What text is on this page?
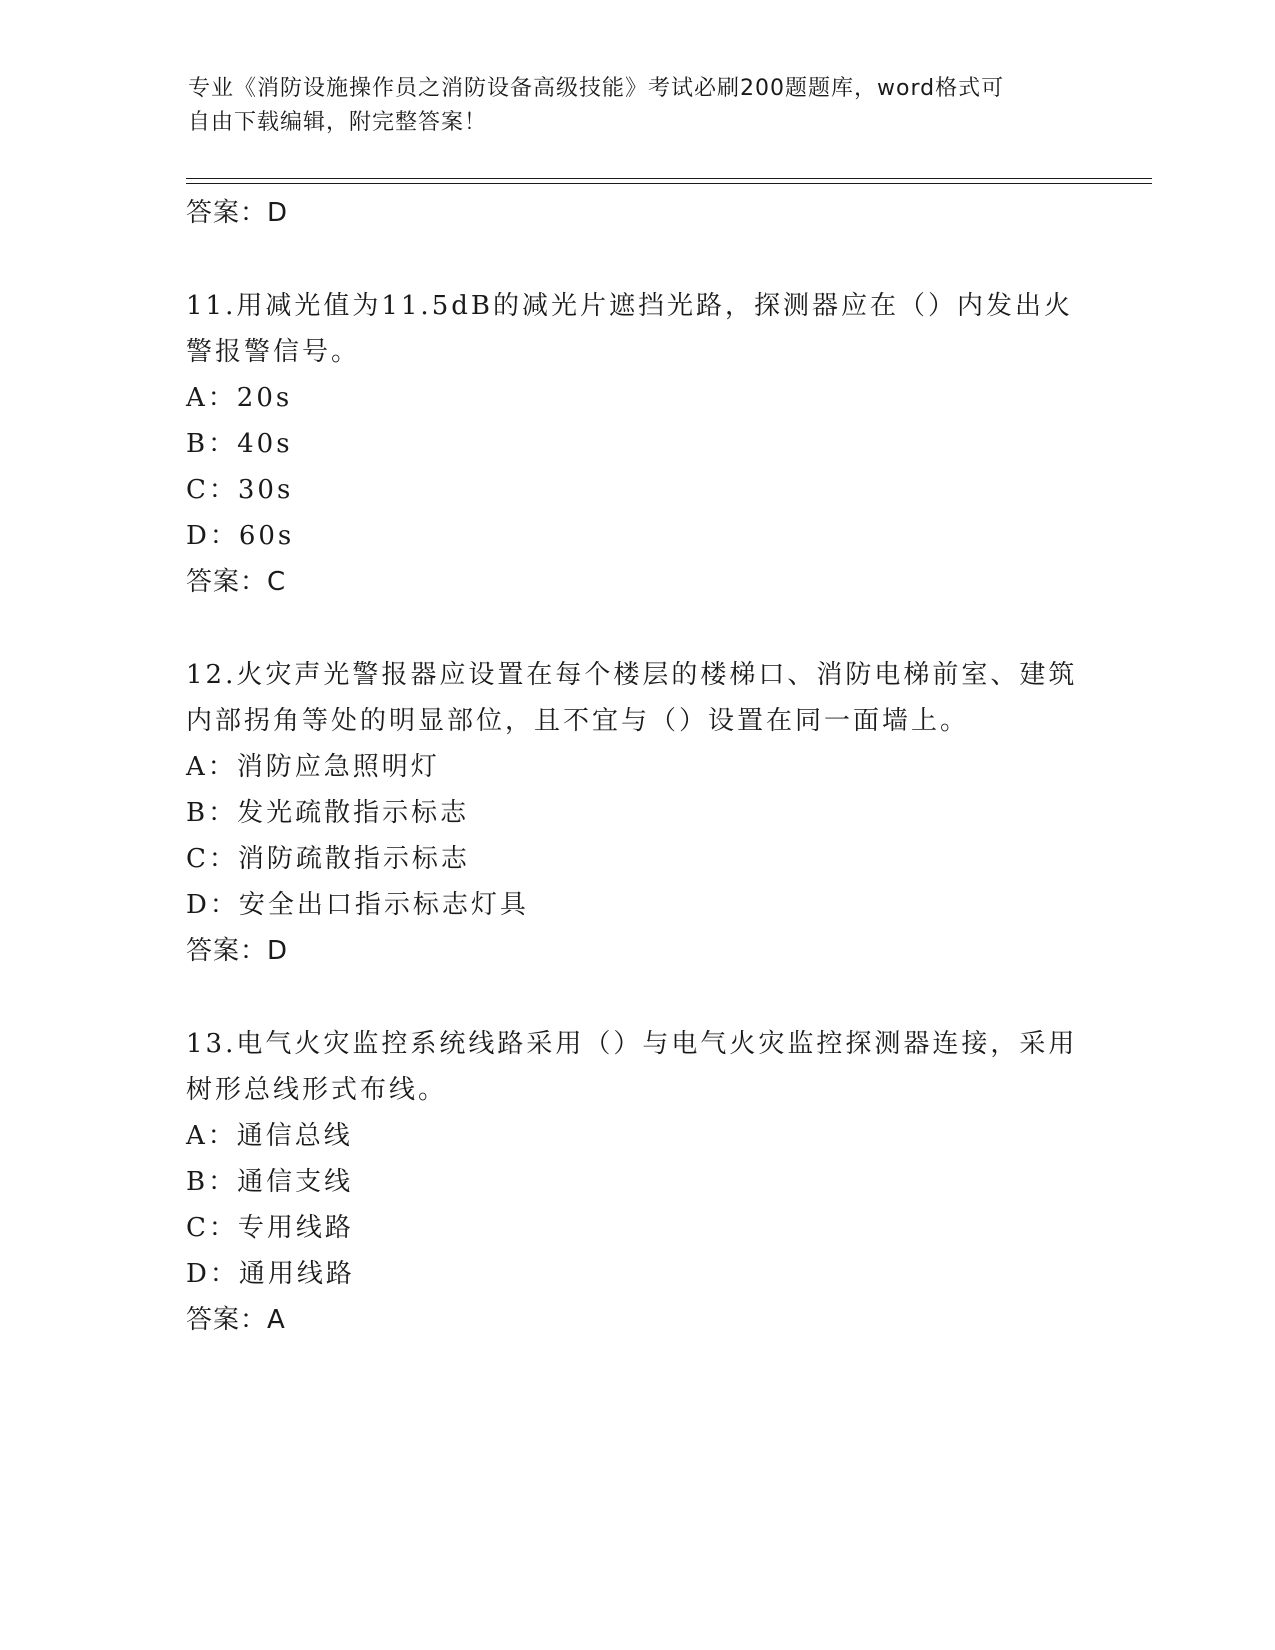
专业《消防设施操作员之消防设备高级技能》考试必刷200题题库，word格式可
自由下载编辑，附完整答案！
答案：D
11.用减光值为11.5dB的减光片遮挡光路，探测器应在（）内发出火
警报警信号。
A：20s
B：40s
C：30s
D：60s
答案：C
12.火灾声光警报器应设置在每个楼层的楼梯口、消防电梯前室、建筑
内部拐角等处的明显部位，且不宜与（）设置在同一面墙上。
A：消防应急照明灯
B：发光疏散指示标志
C：消防疏散指示标志
D：安全出口指示标志灯具
答案：D
13.电气火灾监控系统线路采用（）与电气火灾监控探测器连接，采用
树形总线形式布线。
A：通信总线
B：通信支线
C：专用线路
D：通用线路
答案：A
